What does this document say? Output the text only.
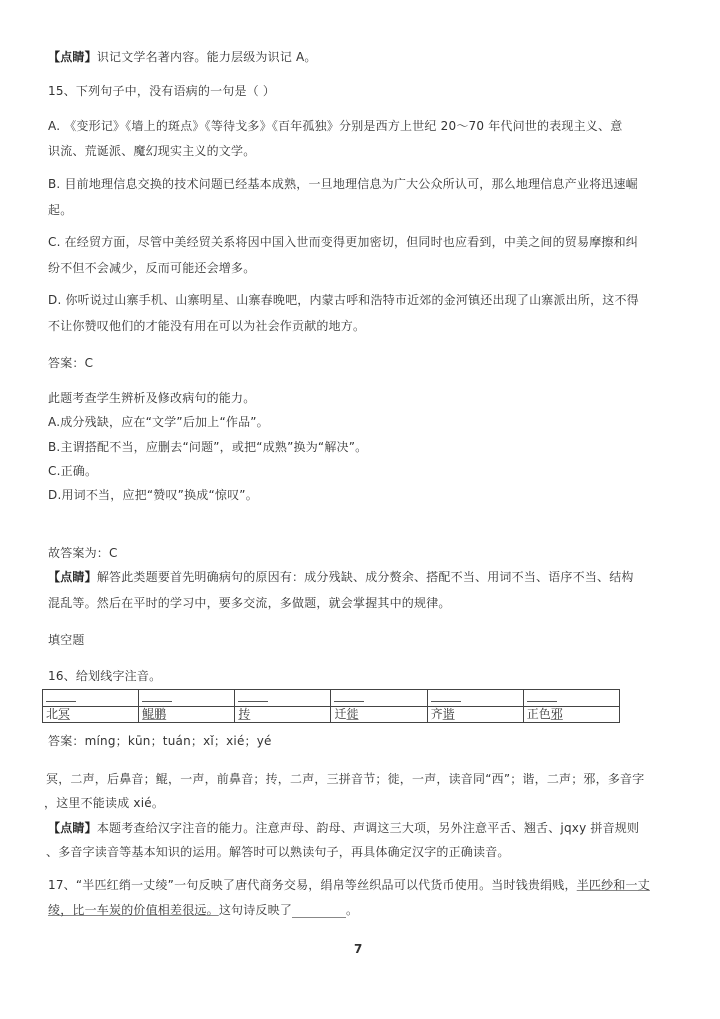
【点睛】识记文学名著内容。能力层级为识记 A。
15、下列句子中，没有语病的一句是（ ）
A. 《变形记》《墙上的斑点》《等待戈多》《百年孤独》分别是西方上世纪 20～70 年代问世的表现主义、意
识流、荒诞派、魔幻现实主义的文学。
B. 目前地理信息交换的技术问题已经基本成熟，一旦地理信息为广大公众所认可，那么地理信息产业将迅速崛
起。
C. 在经贸方面，尽管中美经贸关系将因中国入世而变得更加密切，但同时也应看到，中美之间的贸易摩擦和纠
纷不但不会减少，反而可能还会增多。
D. 你听说过山寨手机、山寨明星、山寨春晚吧，内蒙古呼和浩特市近郊的金河镇还出现了山寨派出所，这不得
不让你赞叹他们的才能没有用在可以为社会作贡献的地方。
答案：C
此题考查学生辨析及修改病句的能力。
A.成分残缺，应在“文学”后加上“作品”。
B.主谓搭配不当，应删去“问题”，或把“成熟”换为“解决”。
C.正确。
D.用词不当，应把“赞叹”换成“惊叹”。
故答案为：C
【点睛】解答此类题要首先明确病句的原因有：成分残缺、成分赘余、搭配不当、用词不当、语序不当、结构
混乱等。然后在平时的学习中，要多交流，多做题，就会掌握其中的规律。
填空题
16、给划线字注音。

北冥	鲲鹏	抟	迁徙	齐谐	正色邪
答案：míng；kūn；tuán；xǐ；xié；yé
冥，二声，后鼻音；鲲，一声，前鼻音；抟，二声，三拼音节；徙，一声，读音同“西”；谐，二声；邪，多音字
，这里不能读成 xié。
【点睛】本题考查给汉字注音的能力。注意声母、韵母、声调这三大项，另外注意平舌、翘舌、jqxy 拼音规则
、多音字读音等基本知识的运用。解答时可以熟读句子，再具体确定汉字的正确读音。
17、“半匹红绡一丈绫”一句反映了唐代商务交易，绢帛等丝织品可以代货币使用。当时钱贵绢贱，半匹纱和一丈
绫，比一车炭的价值相差很远。这句诗反映了	。
7
